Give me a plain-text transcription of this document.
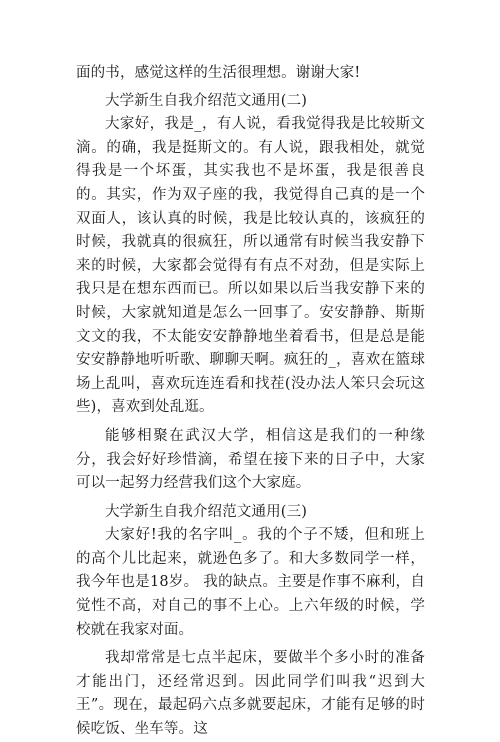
面的书，感觉这样的生活很理想。谢谢大家!

大学新生自我介绍范文通用(二)

大家好，我是_，有人说，看我觉得我是比较斯文滴。的确，我是挺斯文的。有人说，跟我相处，就觉得我是一个坏蛋，其实我也不是坏蛋，我是很善良的。其实，作为双子座的我，我觉得自己真的是一个双面人，该认真的时候，我是比较认真的，该疯狂的时候，我就真的很疯狂，所以通常有时候当我安静下来的时候，大家都会觉得有有点不对劲，但是实际上我只是在想东西而已。所以如果以后当我安静下来的时候，大家就知道是怎么一回事了。安安静静、斯斯文文的我，不太能安安静静地坐着看书，但是总是能安安静静地听听歌、聊聊天啊。疯狂的_，喜欢在篮球场上乱叫，喜欢玩连连看和找茬(没办法人笨只会玩这些)，喜欢到处乱逛。

能够相聚在武汉大学，相信这是我们的一种缘分，我会好好珍惜滴，希望在接下来的日子中，大家可以一起努力经营我们这个大家庭。

大学新生自我介绍范文通用(三)

大家好!我的名字叫_。我的个子不矮，但和班上的高个儿比起来，就逊色多了。和大多数同学一样，我今年也是18岁。 我的缺点。主要是作事不麻利，自觉性不高，对自己的事不上心。上六年级的时候，学校就在我家对面。

我却常常是七点半起床，要做半个多小时的准备才能出门，还经常迟到。因此同学们叫我“迟到大王”。现在，最起码六点多就要起床，才能有足够的时候吃饭、坐车等。这
